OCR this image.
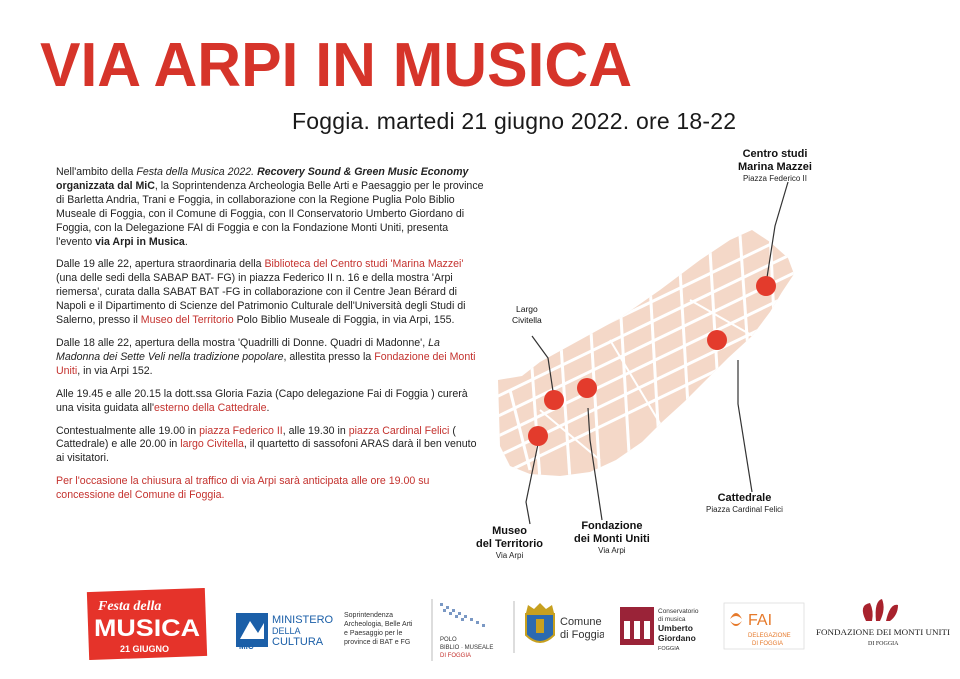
VIA ARPI IN MUSICA
Foggia. martedi 21 giugno 2022. ore 18-22

Nell'ambito della Festa della Musica 2022. Recovery Sound & Green Music Economy organizzata dal MiC, la Soprintendenza Archeologia Belle Arti e Paesaggio per le province di Barletta Andria, Trani e Foggia, in collaborazione con la Regione Puglia Polo Biblio Museale di Foggia, con il Comune di Foggia, con Il Conservatorio Umberto Giordano di Foggia, con la Delegazione FAI di Foggia e con la Fondazione Monti Uniti, presenta l'evento via Arpi in Musica.

Dalle 19 alle 22, apertura straordinaria della Biblioteca del Centro studi 'Marina Mazzei' (una delle sedi della SABAP BAT- FG) in piazza Federico II n. 16 e della mostra 'Arpi riemersa', curata dalla SABAT BAT -FG in collaborazione con il Centre Jean Bérard di Napoli e il Dipartimento di Scienze del Patrimonio Culturale dell'Università degli Studi di Salerno, presso il Museo del Territorio Polo Biblio Museale di Foggia, in via Arpi, 155.

Dalle 18 alle 22, apertura della mostra 'Quadrilli di Donne. Quadri di Madonne', La Madonna dei Sette Veli nella tradizione popolare, allestita presso la Fondazione dei Monti Uniti, in via Arpi 152.

Alle 19.45 e alle 20.15 la dott.ssa Gloria Fazia (Capo delegazione Fai di Foggia ) curerà una visita guidata all'esterno della Cattedrale.

Contestualmente alle 19.00 in piazza Federico II, alle 19.30 in piazza Cardinal Felici ( Cattedrale) e alle 20.00 in largo Civitella, il quartetto di sassofoni ARAS darà il ben venuto ai visitatori.

Per l'occasione la chiusura al traffico di via Arpi sarà anticipata alle ore 19.00 su concessione del Comune di Foggia.

Centro studi
Marina Mazzei
Piazza Federico II
Largo
Civitella
Cattedrale
Piazza Cardinal Felici
Fondazione
dei Monti Uniti
Via Arpi
Museo
del Territorio
Via Arpi
Festa della
MUSICA
21 GIUGNO	MiC
MINISTERO
DELLA
CULTURA
Soprintendenza
Archeologia, Belle Arti
e Paesaggio per le
province di BAT e FG	POLO
BIBLIO · MUSEALE
DI FOGGIA
Comune
di Foggia
Conservatorio
di musica
Umberto
Giordano
FOGGIA
FAI
DELEGAZIONE
DI FOGGIA
FONDAZIONE DEI MONTI UNITI
DI FOGGIA
